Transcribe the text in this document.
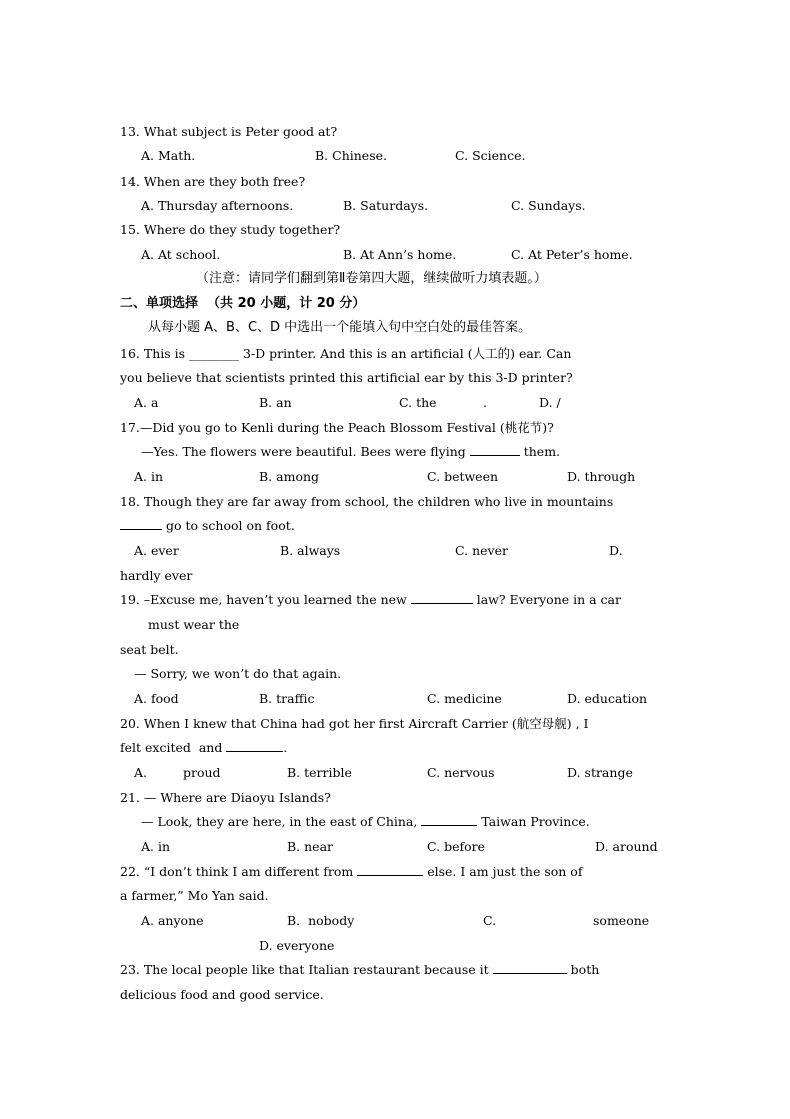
13. What subject is Peter good at?
A. Math.	B. Chinese.	C. Science.
14. When are they both free?
A. Thursday afternoons.	B. Saturdays.	C. Sundays.
15. Where do they study together?
A. At school.	B. At Ann’s home.	C. At Peter’s home.
（注意：请同学们翻到第Ⅱ卷第四大题，继续做听力填表题。）
二、单项选择  （共 20 小题，计 20 分）
从每小题 A、B、C、D 中选出一个能填入句中空白处的最佳答案。
16. This is ________ 3-D printer. And this is an artificial (人工的) ear. Can
you believe that scientists printed this artificial ear by this 3-D printer?
A. a	B. an	C. the	.	D. /
17.—Did you go to Kenli during the Peach Blossom Festival (桃花节)?
—Yes. The flowers were beautiful. Bees were flying	them.
A. in	B. among	C. between	D. through
18. Though they are far away from school, the children who live in mountains
go to school on foot.
A. ever	B. always	C. never	D.
hardly ever
19. –Excuse me, haven’t you learned the new	law? Everyone in a car
must wear the
seat belt.
— Sorry, we won’t do that again.
A. food	B. traffic	C. medicine	D. education
20. When I knew that China had got her first Aircraft Carrier (航空母舰) , I
felt excited  and	.
A.	proud	B. terrible	C. nervous	D. strange
21. — Where are Diaoyu Islands?
— Look, they are here, in the east of China,	Taiwan Province.
A. in	B. near	C. before	D. around
22. “I don’t think I am different from	else. I am just the son of
a farmer,” Mo Yan said.
A. anyone	B.  nobody	C.	someone
D. everyone
23. The local people like that Italian restaurant because it	both
delicious food and good service.
